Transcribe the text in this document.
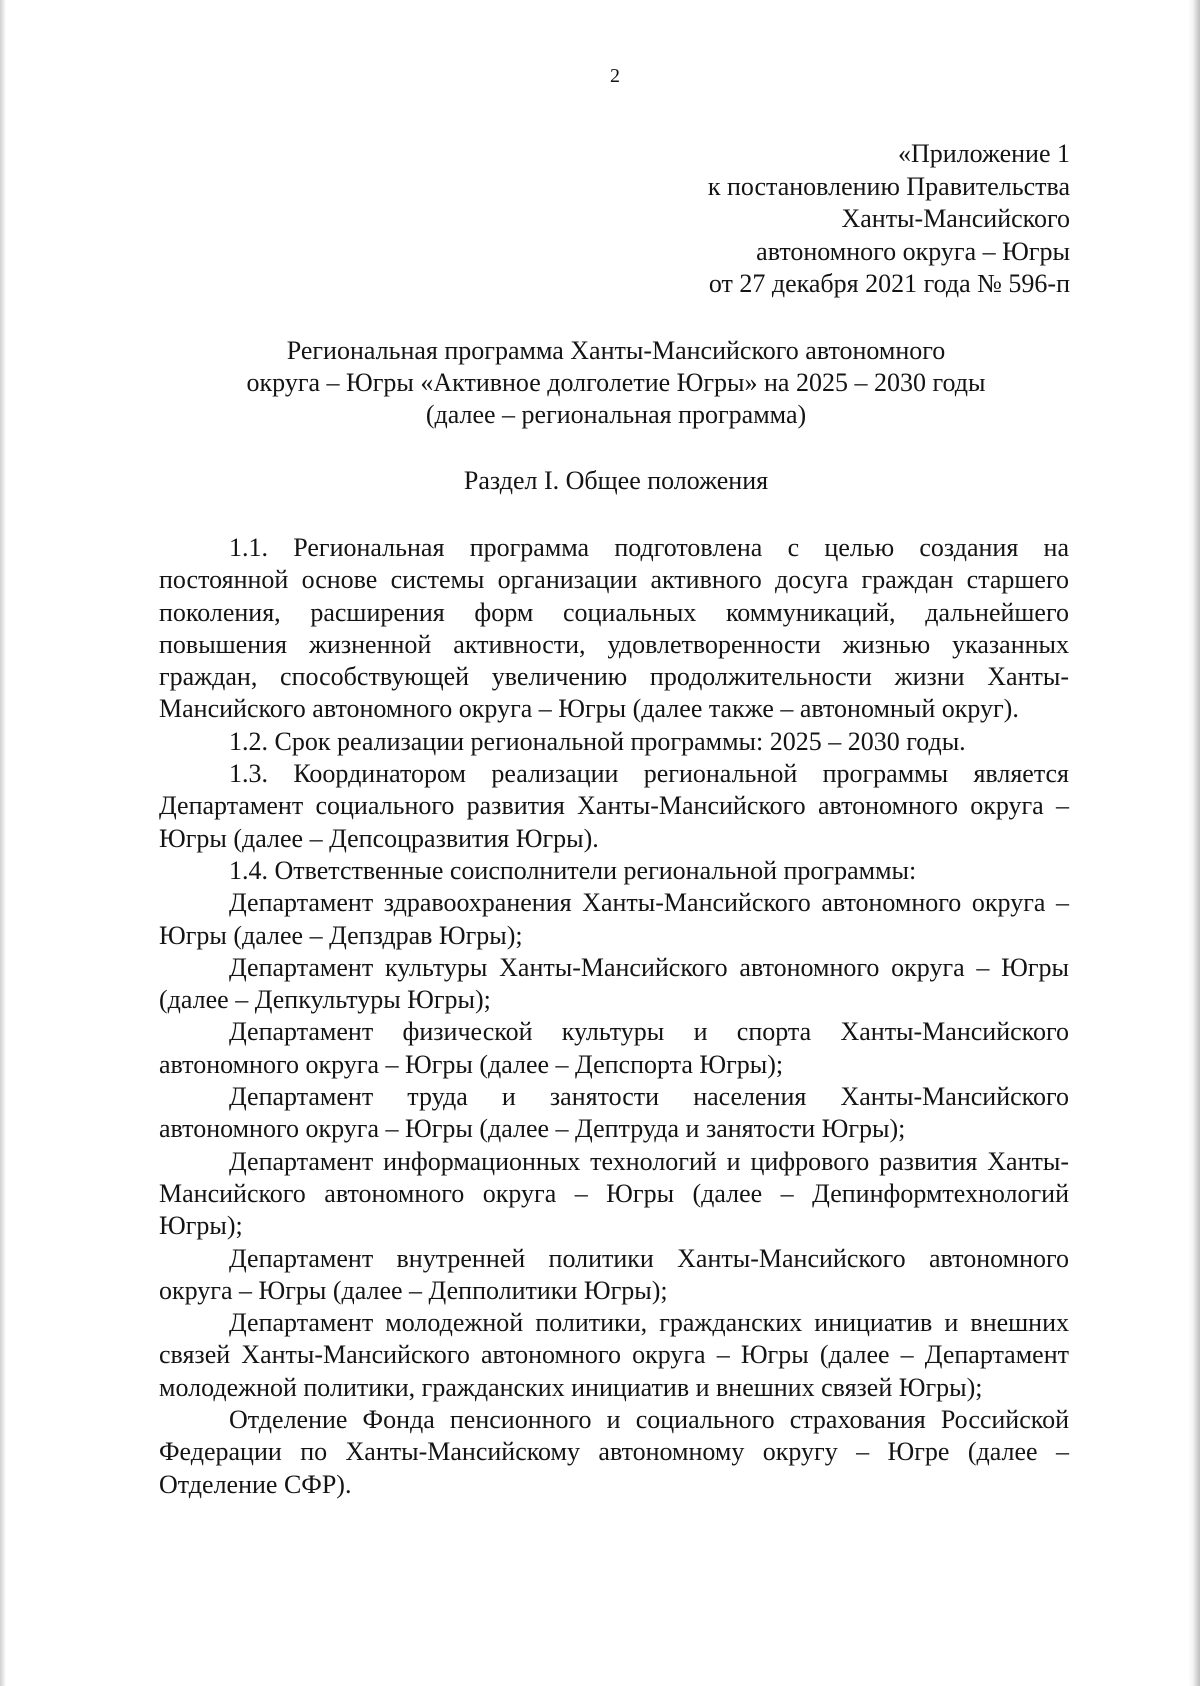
2
«Приложение 1
к постановлению Правительства
Ханты-Мансийского
автономного округа – Югры
от 27 декабря 2021 года № 596-п
Региональная программа Ханты-Мансийского автономного
округа – Югры «Активное долголетие Югры» на 2025 – 2030 годы
(далее – региональная программа)
Раздел I. Общее положения

1.1. Региональная программа подготовлена с целью создания на постоянной основе системы организации активного досуга граждан старшего поколения, расширения форм социальных коммуникаций, дальнейшего повышения жизненной активности, удовлетворенности жизнью указанных граждан, способствующей увеличению продолжительности жизни Ханты-Мансийского автономного округа – Югры (далее также – автономный округ).

1.2. Срок реализации региональной программы: 2025 – 2030 годы.

1.3. Координатором реализации региональной программы является Департамент социального развития Ханты-Мансийского автономного округа – Югры (далее – Депсоцразвития Югры).

1.4. Ответственные соисполнители региональной программы:

Департамент здравоохранения Ханты-Мансийского автономного округа – Югры (далее – Депздрав Югры);

Департамент культуры Ханты-Мансийского автономного округа – Югры (далее – Депкультуры Югры);

Департамент физической культуры и спорта Ханты-Мансийского автономного округа – Югры (далее – Депспорта Югры);

Департамент труда и занятости населения Ханты-Мансийского автономного округа – Югры (далее – Дептруда и занятости Югры);

Департамент информационных технологий и цифрового развития Ханты-Мансийского автономного округа – Югры (далее – Депинформтехнологий Югры);

Департамент внутренней политики Ханты-Мансийского автономного округа – Югры (далее – Депполитики Югры);

Департамент молодежной политики, гражданских инициатив и внешних связей Ханты-Мансийского автономного округа – Югры (далее – Департамент молодежной политики, гражданских инициатив и внешних связей Югры);

Отделение Фонда пенсионного и социального страхования Российской Федерации по Ханты-Мансийскому автономному округу – Югре (далее – Отделение СФР).
